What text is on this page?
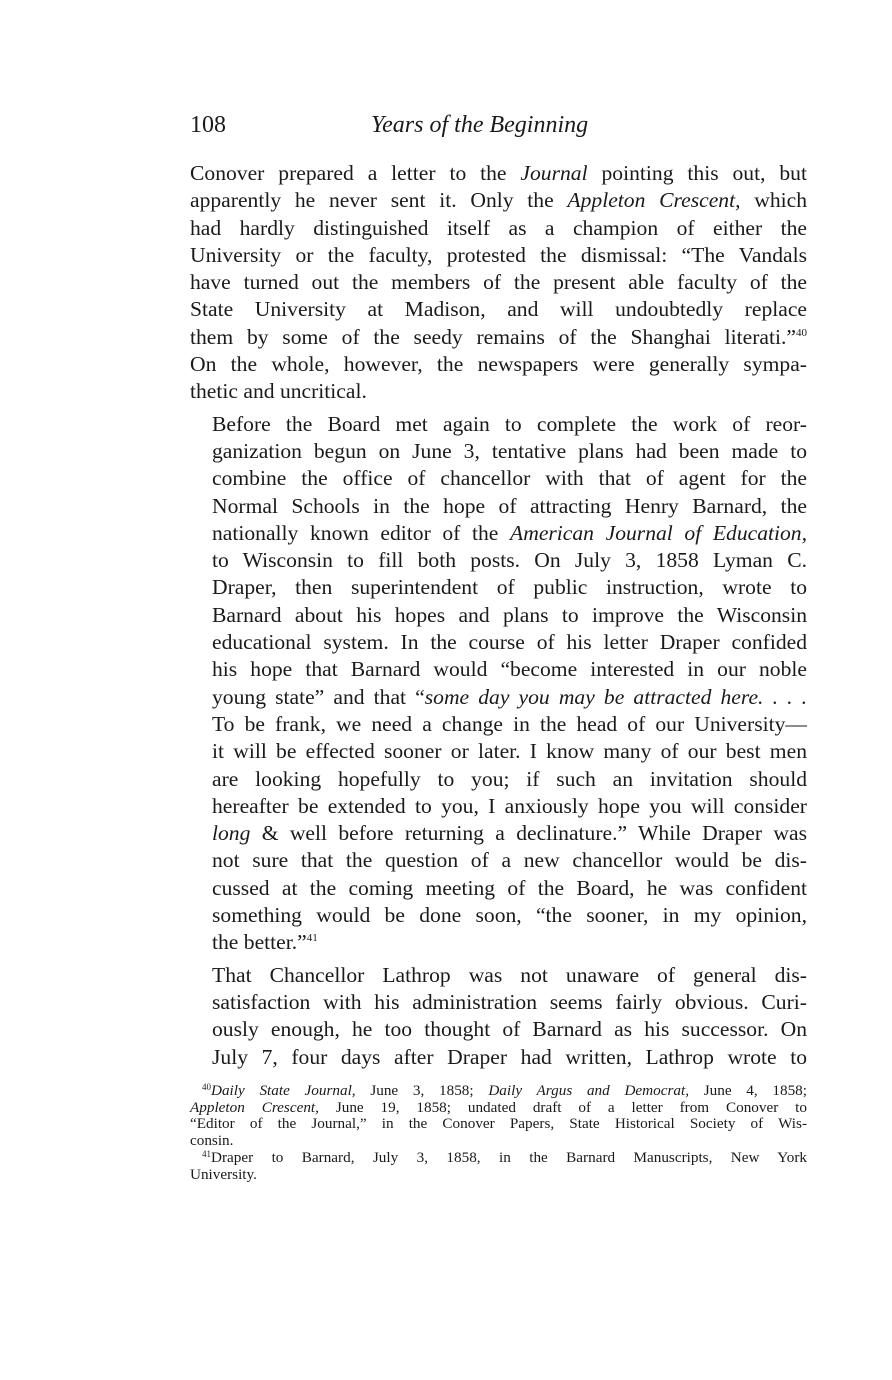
108	Years of the Beginning

Conover prepared a letter to the Journal pointing this out, but
apparently he never sent it. Only the Appleton Crescent, which
had hardly distinguished itself as a champion of either the
University or the faculty, protested the dismissal: “The Vandals
have turned out the members of the present able faculty of the
State University at Madison, and will undoubtedly replace
them by some of the seedy remains of the Shanghai literati.”$^{40}$
On the whole, however, the newspapers were generally sympa-
thetic and uncritical.

Before the Board met again to complete the work of reor-
ganization begun on June 3, tentative plans had been made to
combine the office of chancellor with that of agent for the
Normal Schools in the hope of attracting Henry Barnard, the
nationally known editor of the American Journal of Education,
to Wisconsin to fill both posts. On July 3, 1858 Lyman C.
Draper, then superintendent of public instruction, wrote to
Barnard about his hopes and plans to improve the Wisconsin
educational system. In the course of his letter Draper confided
his hope that Barnard would “become interested in our noble
young state” and that “some day you may be attracted here. . . .
To be frank, we need a change in the head of our University—
it will be effected sooner or later. I know many of our best men
are looking hopefully to you; if such an invitation should
hereafter be extended to you, I anxiously hope you will consider
long & well before returning a declinature.” While Draper was
not sure that the question of a new chancellor would be dis-
cussed at the coming meeting of the Board, he was confident
something would be done soon, “the sooner, in my opinion,
the better.”$^{41}$

That Chancellor Lathrop was not unaware of general dis-
satisfaction with his administration seems fairly obvious. Curi-
ously enough, he too thought of Barnard as his successor. On
July 7, four days after Draper had written, Lathrop wrote to

$^{40}$Daily State Journal, June 3, 1858; Daily Argus and Democrat, June 4, 1858;
Appleton Crescent, June 19, 1858; undated draft of a letter from Conover to
“Editor of the Journal,” in the Conover Papers, State Historical Society of Wis-
consin.

$^{41}$Draper to Barnard, July 3, 1858, in the Barnard Manuscripts, New York
University.
